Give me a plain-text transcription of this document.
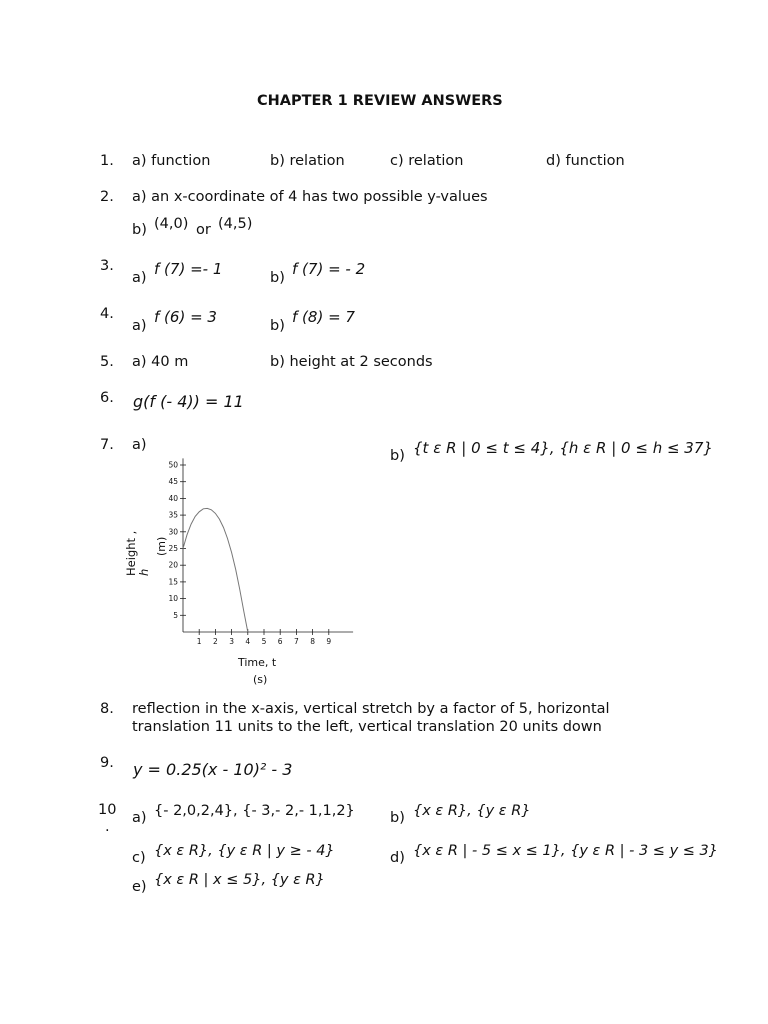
CHAPTER 1 REVIEW ANSWERS
1. a) function	b) relation	c) relation	d) function
2. a) an x-coordinate of 4 has two possible y-values
b) (4,0) or (4,5)
3.
a) f (7) =- 1	b) f (7) = - 2
4.
a) f (6) = 3	b) f (8) = 7
5. a) 40 m	b) height at 2 seconds
6. g(f (- 4)) = 11
7. a)
b) {t ε R | 0 ≤ t ≤ 4}, {h ε R | 0 ≤ h ≤ 37}
1 2 3 4 5 6 7 8 9
5
10
15
20
25
30
35
40
45
50
Height , h
(m)
Time, t
(s)
8. reflection in the x-axis, vertical stretch by a factor of 5, horizontal
translation 11 units to the left, vertical translation 20 units down
9. y = 0.25(x - 10)² - 3
10
.
a) {- 2,0,2,4}, {- 3,- 2,- 1,1,2} b) {x ε R}, {y ε R}
c) {x ε R}, {y ε R | y ≥ - 4}	d) {x ε R | - 5 ≤ x ≤ 1}, {y ε R | - 3 ≤ y ≤ 3}
e) {x ε R | x ≤ 5}, {y ε R}
